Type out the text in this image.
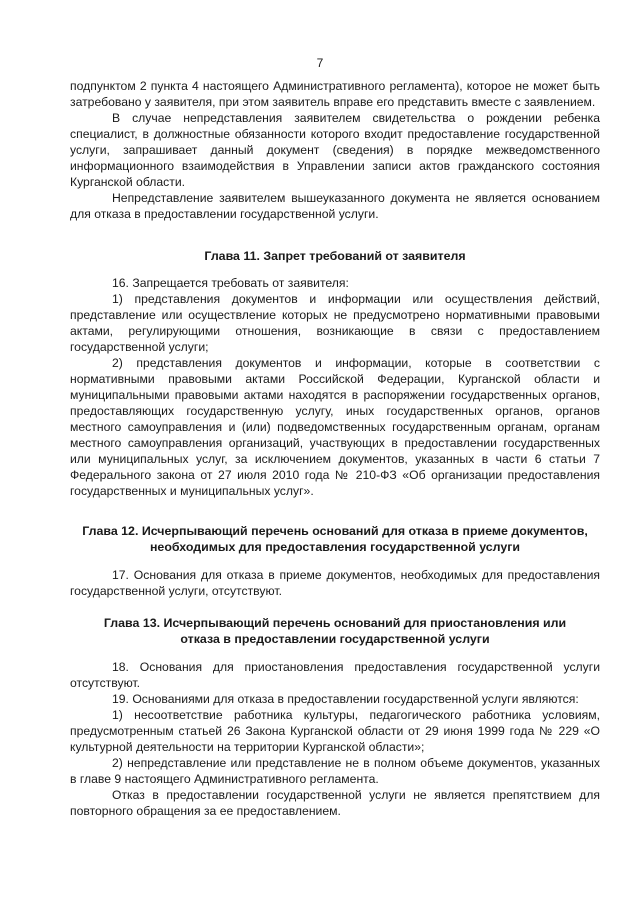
7

подпунктом 2 пункта 4 настоящего Административного регламента), которое не может быть затребовано у заявителя, при этом заявитель вправе его представить вместе с заявлением.

В случае непредставления заявителем свидетельства о рождении ребенка специалист, в должностные обязанности которого входит предоставление государственной услуги, запрашивает данный документ (сведения) в порядке межведомственного информационного взаимодействия в Управлении записи актов гражданского состояния Курганской области.

Непредставление заявителем вышеуказанного документа не является основанием для отказа в предоставлении государственной услуги.

Глава 11. Запрет требований от заявителя

16. Запрещается требовать от заявителя:

1) представления документов и информации или осуществления действий, представление или осуществление которых не предусмотрено нормативными правовыми актами, регулирующими отношения, возникающие в связи с предоставлением государственной услуги;

2) представления документов и информации, которые в соответствии с нормативными правовыми актами Российской Федерации, Курганской области и муниципальными правовыми актами находятся в распоряжении государственных органов, предоставляющих государственную услугу, иных государственных органов, органов местного самоуправления и (или) подведомственных государственным органам, органам местного самоуправления организаций, участвующих в предоставлении государственных или муниципальных услуг, за исключением документов, указанных в части 6 статьи 7 Федерального закона от 27 июля 2010 года № 210-ФЗ «Об организации предоставления государственных и муниципальных услуг».

Глава 12. Исчерпывающий перечень оснований для отказа в приеме документов, необходимых для предоставления государственной услуги

17. Основания для отказа в приеме документов, необходимых для предоставления государственной услуги, отсутствуют.

Глава 13. Исчерпывающий перечень оснований для приостановления или отказа в предоставлении государственной услуги

18. Основания для приостановления предоставления государственной услуги отсутствуют.

19. Основаниями для отказа в предоставлении государственной услуги являются:

1) несоответствие работника культуры, педагогического работника условиям, предусмотренным статьей 26 Закона Курганской области от 29 июня 1999 года № 229 «О культурной деятельности на территории Курганской области»;

2) непредставление или представление не в полном объеме документов, указанных в главе 9 настоящего Административного регламента.

Отказ в предоставлении государственной услуги не является препятствием для повторного обращения за ее предоставлением.
